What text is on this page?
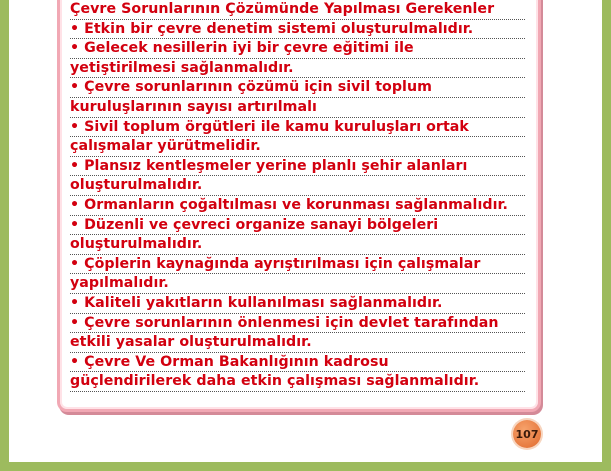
Çevre Sorunlarının Çözümünde Yapılması Gerekenler
• Etkin bir çevre denetim sistemi oluşturulmalıdır.
• Gelecek nesillerin iyi bir çevre eğitimi ile
yetiştirilmesi sağlanmalıdır.
• Çevre sorunlarının çözümü için sivil toplum
kuruluşlarının sayısı artırılmalı
• Sivil toplum örgütleri ile kamu kuruluşları ortak
çalışmalar yürütmelidir.
• Plansız kentleşmeler yerine planlı şehir alanları
oluşturulmalıdır.
• Ormanların çoğaltılması ve korunması sağlanmalıdır.
• Düzenli ve çevreci organize sanayi bölgeleri
oluşturulmalıdır.
• Çöplerin kaynağında ayrıştırılması için çalışmalar
yapılmalıdır.
• Kaliteli yakıtların kullanılması sağlanmalıdır.
• Çevre sorunlarının önlenmesi için devlet tarafından
etkili yasalar oluşturulmalıdır.
• Çevre Ve Orman Bakanlığının kadrosu
güçlendirilerek daha etkin çalışması sağlanmalıdır.
107
